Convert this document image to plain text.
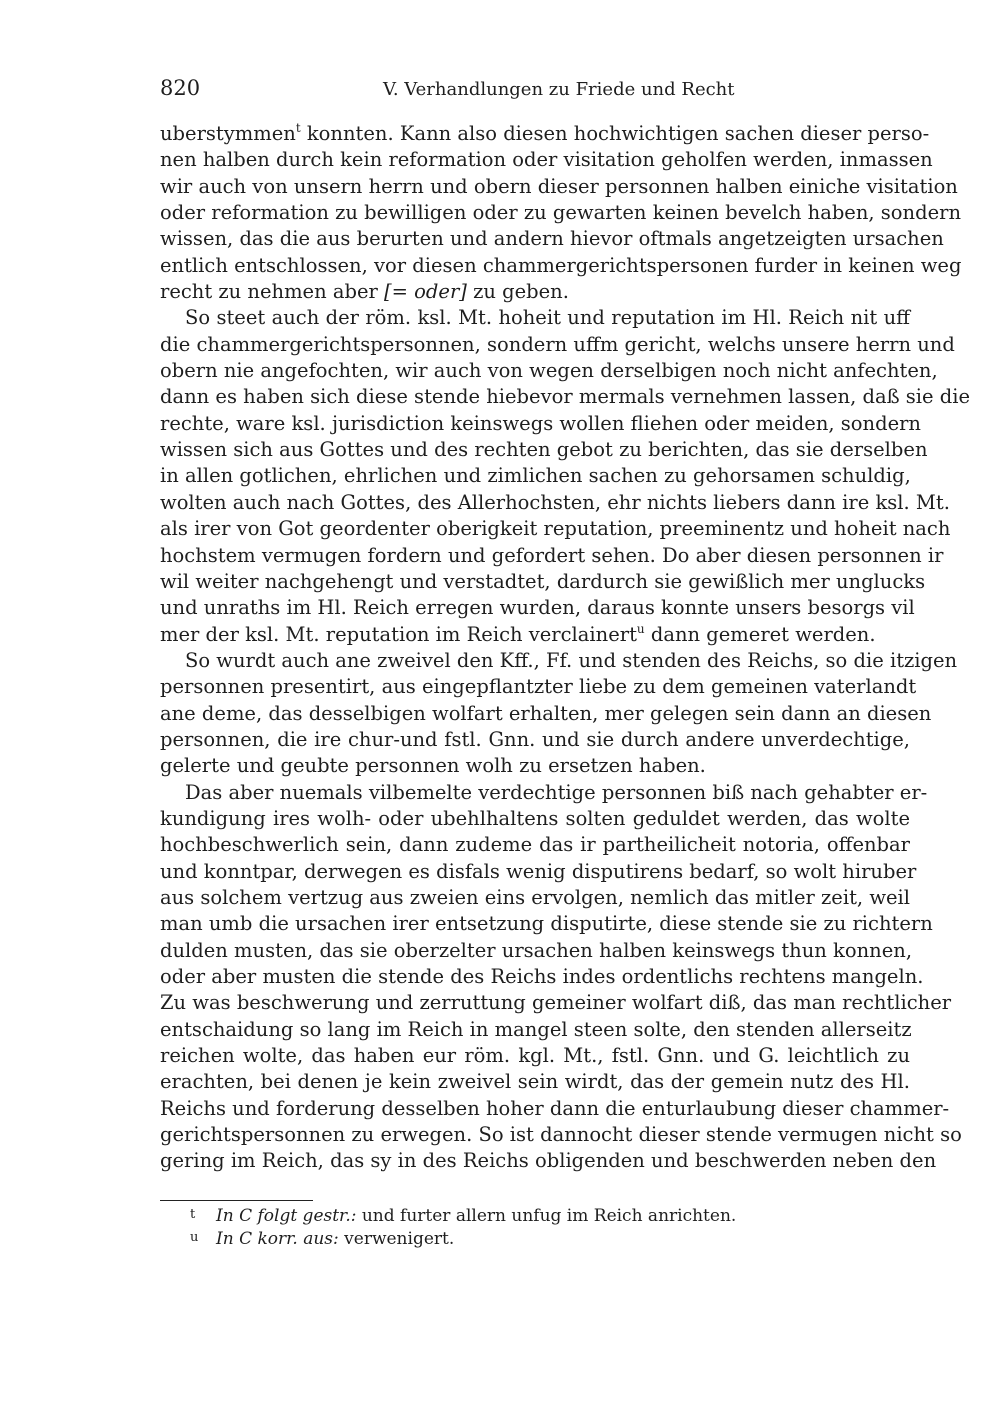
820	V. Verhandlungen zu Friede und Recht
uberstymmen$^t$ konnten. Kann also diesen hochwichtigen sachen dieser perso-
nen halben durch kein reformation oder visitation geholfen werden, inmassen
wir auch von unsern herrn und obern dieser personnen halben einiche visitation
oder reformation zu bewilligen oder zu gewarten keinen bevelch haben, sondern
wissen, das die aus berurten und andern hievor oftmals angetzeigten ursachen
entlich entschlossen, vor diesen chammergerichtspersonen furder in keinen weg
recht zu nehmen aber [= oder] zu geben.
So steet auch der röm. ksl. Mt. hoheit und reputation im Hl. Reich nit uff
die chammergerichtspersonnen, sondern uffm gericht, welchs unsere herrn und
obern nie angefochten, wir auch von wegen derselbigen noch nicht anfechten,
dann es haben sich diese stende hiebevor mermals vernehmen lassen, daß sie die
rechte, ware ksl. jurisdiction keinswegs wollen fliehen oder meiden, sondern
wissen sich aus Gottes und des rechten gebot zu berichten, das sie derselben
in allen gotlichen, ehrlichen und zimlichen sachen zu gehorsamen schuldig,
wolten auch nach Gottes, des Allerhochsten, ehr nichts liebers dann ire ksl. Mt.
als irer von Got geordenter oberigkeit reputation, preeminentz und hoheit nach
hochstem vermugen fordern und gefordert sehen. Do aber diesen personnen ir
wil weiter nachgehengt und verstadtet, dardurch sie gewißlich mer unglucks
und unraths im Hl. Reich erregen wurden, daraus konnte unsers besorgs vil
mer der ksl. Mt. reputation im Reich verclainert$^u$ dann gemeret werden.
So wurdt auch ane zweivel den Kff., Ff. und stenden des Reichs, so die itzigen
personnen presentirt, aus eingepflantzter liebe zu dem gemeinen vaterlandt
ane deme, das desselbigen wolfart erhalten, mer gelegen sein dann an diesen
personnen, die ire chur-und fstl. Gnn. und sie durch andere unverdechtige,
gelerte und geubte personnen wolh zu ersetzen haben.
Das aber nuemals vilbemelte verdechtige personnen biß nach gehabter er-
kundigung ires wolh- oder ubehlhaltens solten geduldet werden, das wolte
hochbeschwerlich sein, dann zudeme das ir partheilicheit notoria, offenbar
und konntpar, derwegen es disfals wenig disputirens bedarf, so wolt hiruber
aus solchem vertzug aus zweien eins ervolgen, nemlich das mitler zeit, weil
man umb die ursachen irer entsetzung disputirte, diese stende sie zu richtern
dulden musten, das sie oberzelter ursachen halben keinswegs thun konnen,
oder aber musten die stende des Reichs indes ordentlichs rechtens mangeln.
Zu was beschwerung und zerruttung gemeiner wolfart diß, das man rechtlicher
entschaidung so lang im Reich in mangel steen solte, den stenden allerseitz
reichen wolte, das haben eur röm. kgl. Mt., fstl. Gnn. und G. leichtlich zu
erachten, bei denen je kein zweivel sein wirdt, das der gemein nutz des Hl.
Reichs und forderung desselben hoher dann die enturlaubung dieser chammer-
gerichtspersonnen zu erwegen. So ist dannocht dieser stende vermugen nicht so
gering im Reich, das sy in des Reichs obligenden und beschwerden neben den
t In C folgt gestr.: und furter allern unfug im Reich anrichten.
u In C korr. aus: verwenigert.
